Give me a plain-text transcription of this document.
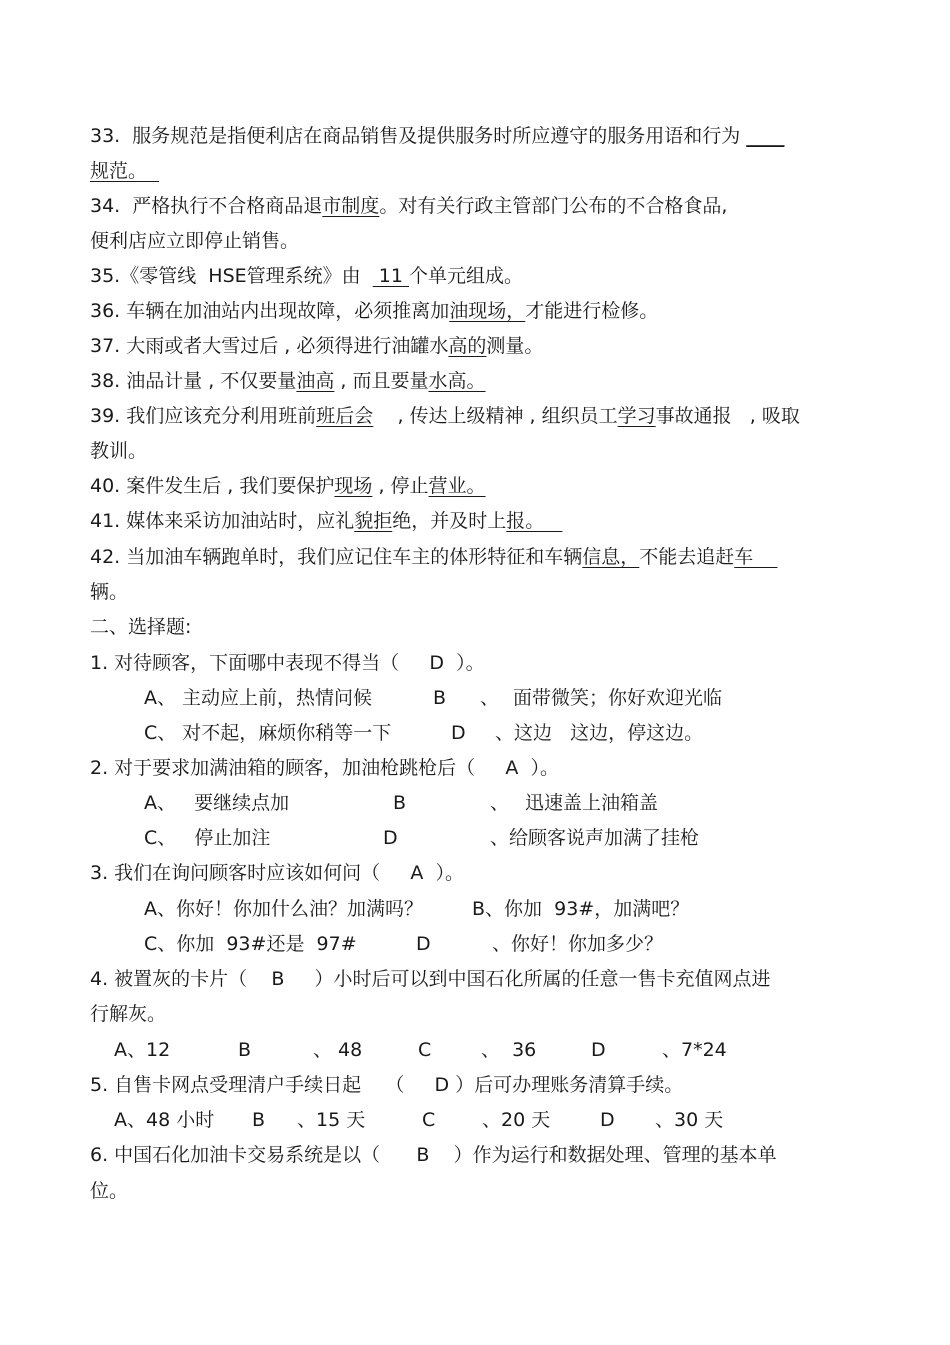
33.  服务规范是指便利店在商品销售及提供服务时所应遵守的服务用语和行为 ____
规范。
34.  严格执行不合格商品退市制度。对有关行政主管部门公布的不合格食品,
便利店应立即停止销售。
35.《零管线  HSE管理系统》由   11 个单元组成。
36. 车辆在加油站内出现故障，必须推离加油现场，才能进行检修。
37. 大雨或者大雪过后 , 必须得进行油罐水高的测量。
38. 油品计量 , 不仅要量油高 , 而且要量水高。
39. 我们应该充分利用班前班后会    , 传达上级精神 , 组织员工学习事故通报   , 吸取
教训。
40. 案件发生后 , 我们要保护现场 , 停止营业。
41. 媒体来采访加油站时，应礼貌拒绝，并及时上报。
42. 当加油车辆跑单时，我们应记住车主的体形特征和车辆信息，不能去追赶车
辆。
二、选择题:
1. 对待顾客，下面哪中表现不得当（     D  ）。
A、 主动应上前，热情问候	B 、 面带微笑；你好欢迎光临
C、 对不起，麻烦你稍等一下	D 、这边   这边，停这边。
2. 对于要求加满油箱的顾客，加油枪跳枪后（     A  ）。
A、   要继续点加	B	、 迅速盖上油箱盖
C、   停止加注	D	、给顾客说声加满了挂枪
3. 我们在询问顾客时应该如何问（     A  ）。
A、你好！你加什么油？加满吗？	B、你加  93#，加满吧？
C、你加  93#还是  97#	D	、你好！你加多少？
4. 被置灰的卡片（    B     ）小时后可以到中国石化所属的任意一售卡充值网点进
行解灰。
A、12	B	、 48	C	、  36	D	、7*24
5. 自售卡网点受理清户手续日起    （     D ）后可办理账务清算手续。
A、48 小时 B 、15 天	C 、20 天	D 、30 天
6. 中国石化加油卡交易系统是以（      B    ）作为运行和数据处理、管理的基本单
位。
